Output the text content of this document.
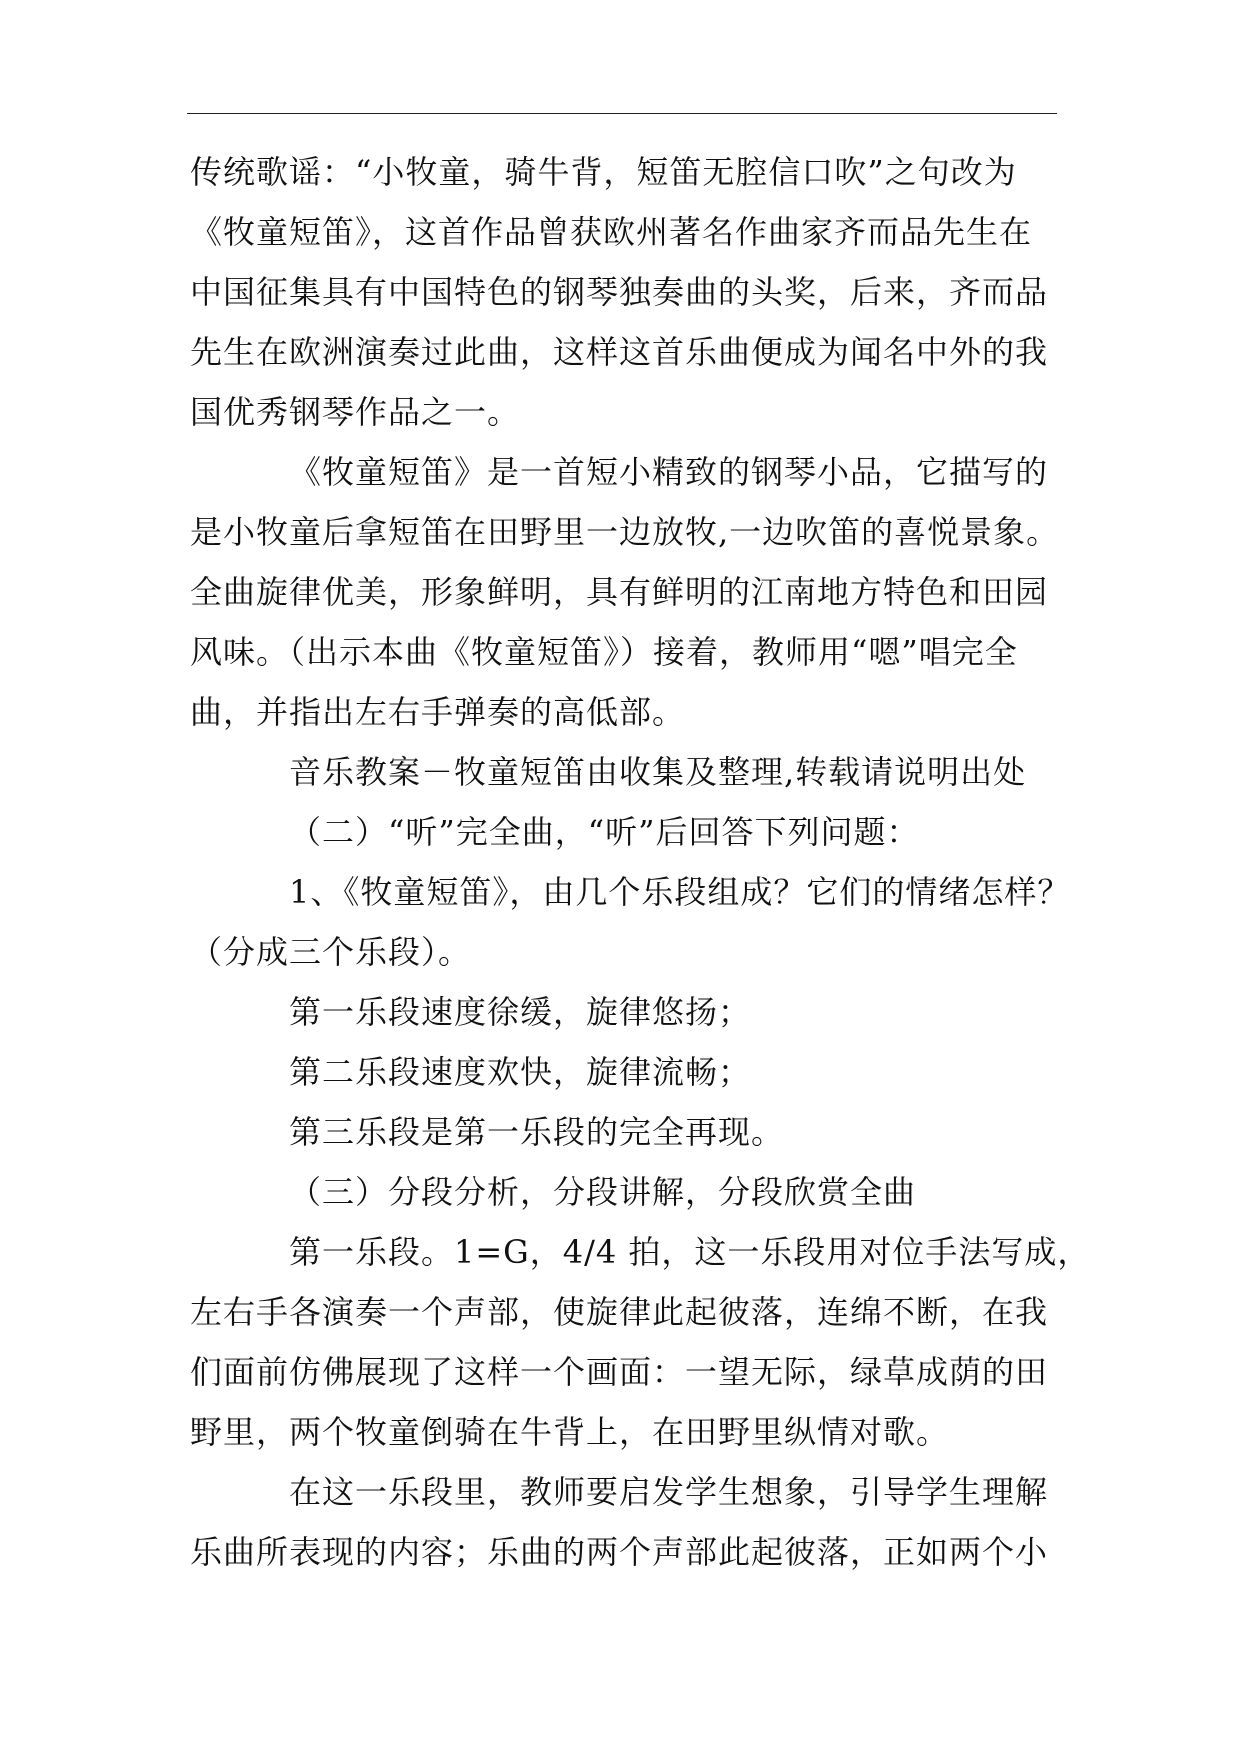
传统歌谣：“小牧童，骑牛背，短笛无腔信口吹”之句改为
《牧童短笛》，这首作品曾获欧州著名作曲家齐而品先生在
中国征集具有中国特色的钢琴独奏曲的头奖，后来，齐而品
先生在欧洲演奏过此曲，这样这首乐曲便成为闻名中外的我
国优秀钢琴作品之一。
《牧童短笛》是一首短小精致的钢琴小品，它描写的
是小牧童后拿短笛在田野里一边放牧,一边吹笛的喜悦景象。
全曲旋律优美，形象鲜明，具有鲜明的江南地方特色和田园
风味。（出示本曲《牧童短笛》）接着，教师用“嗯”唱完全
曲，并指出左右手弹奏的高低部。
音乐教案－牧童短笛由收集及整理,转载请说明出处
（二）“听”完全曲，“听”后回答下列问题：
1、《牧童短笛》，由几个乐段组成？它们的情绪怎样？
（分成三个乐段）。
第一乐段速度徐缓，旋律悠扬；
第二乐段速度欢快，旋律流畅；
第三乐段是第一乐段的完全再现。
（三）分段分析，分段讲解，分段欣赏全曲
第一乐段。1=G，4/4 拍，这一乐段用对位手法写成，
左右手各演奏一个声部，使旋律此起彼落，连绵不断，在我
们面前仿佛展现了这样一个画面：一望无际，绿草成荫的田
野里，两个牧童倒骑在牛背上，在田野里纵情对歌。
在这一乐段里，教师要启发学生想象，引导学生理解
乐曲所表现的内容；乐曲的两个声部此起彼落，正如两个小
